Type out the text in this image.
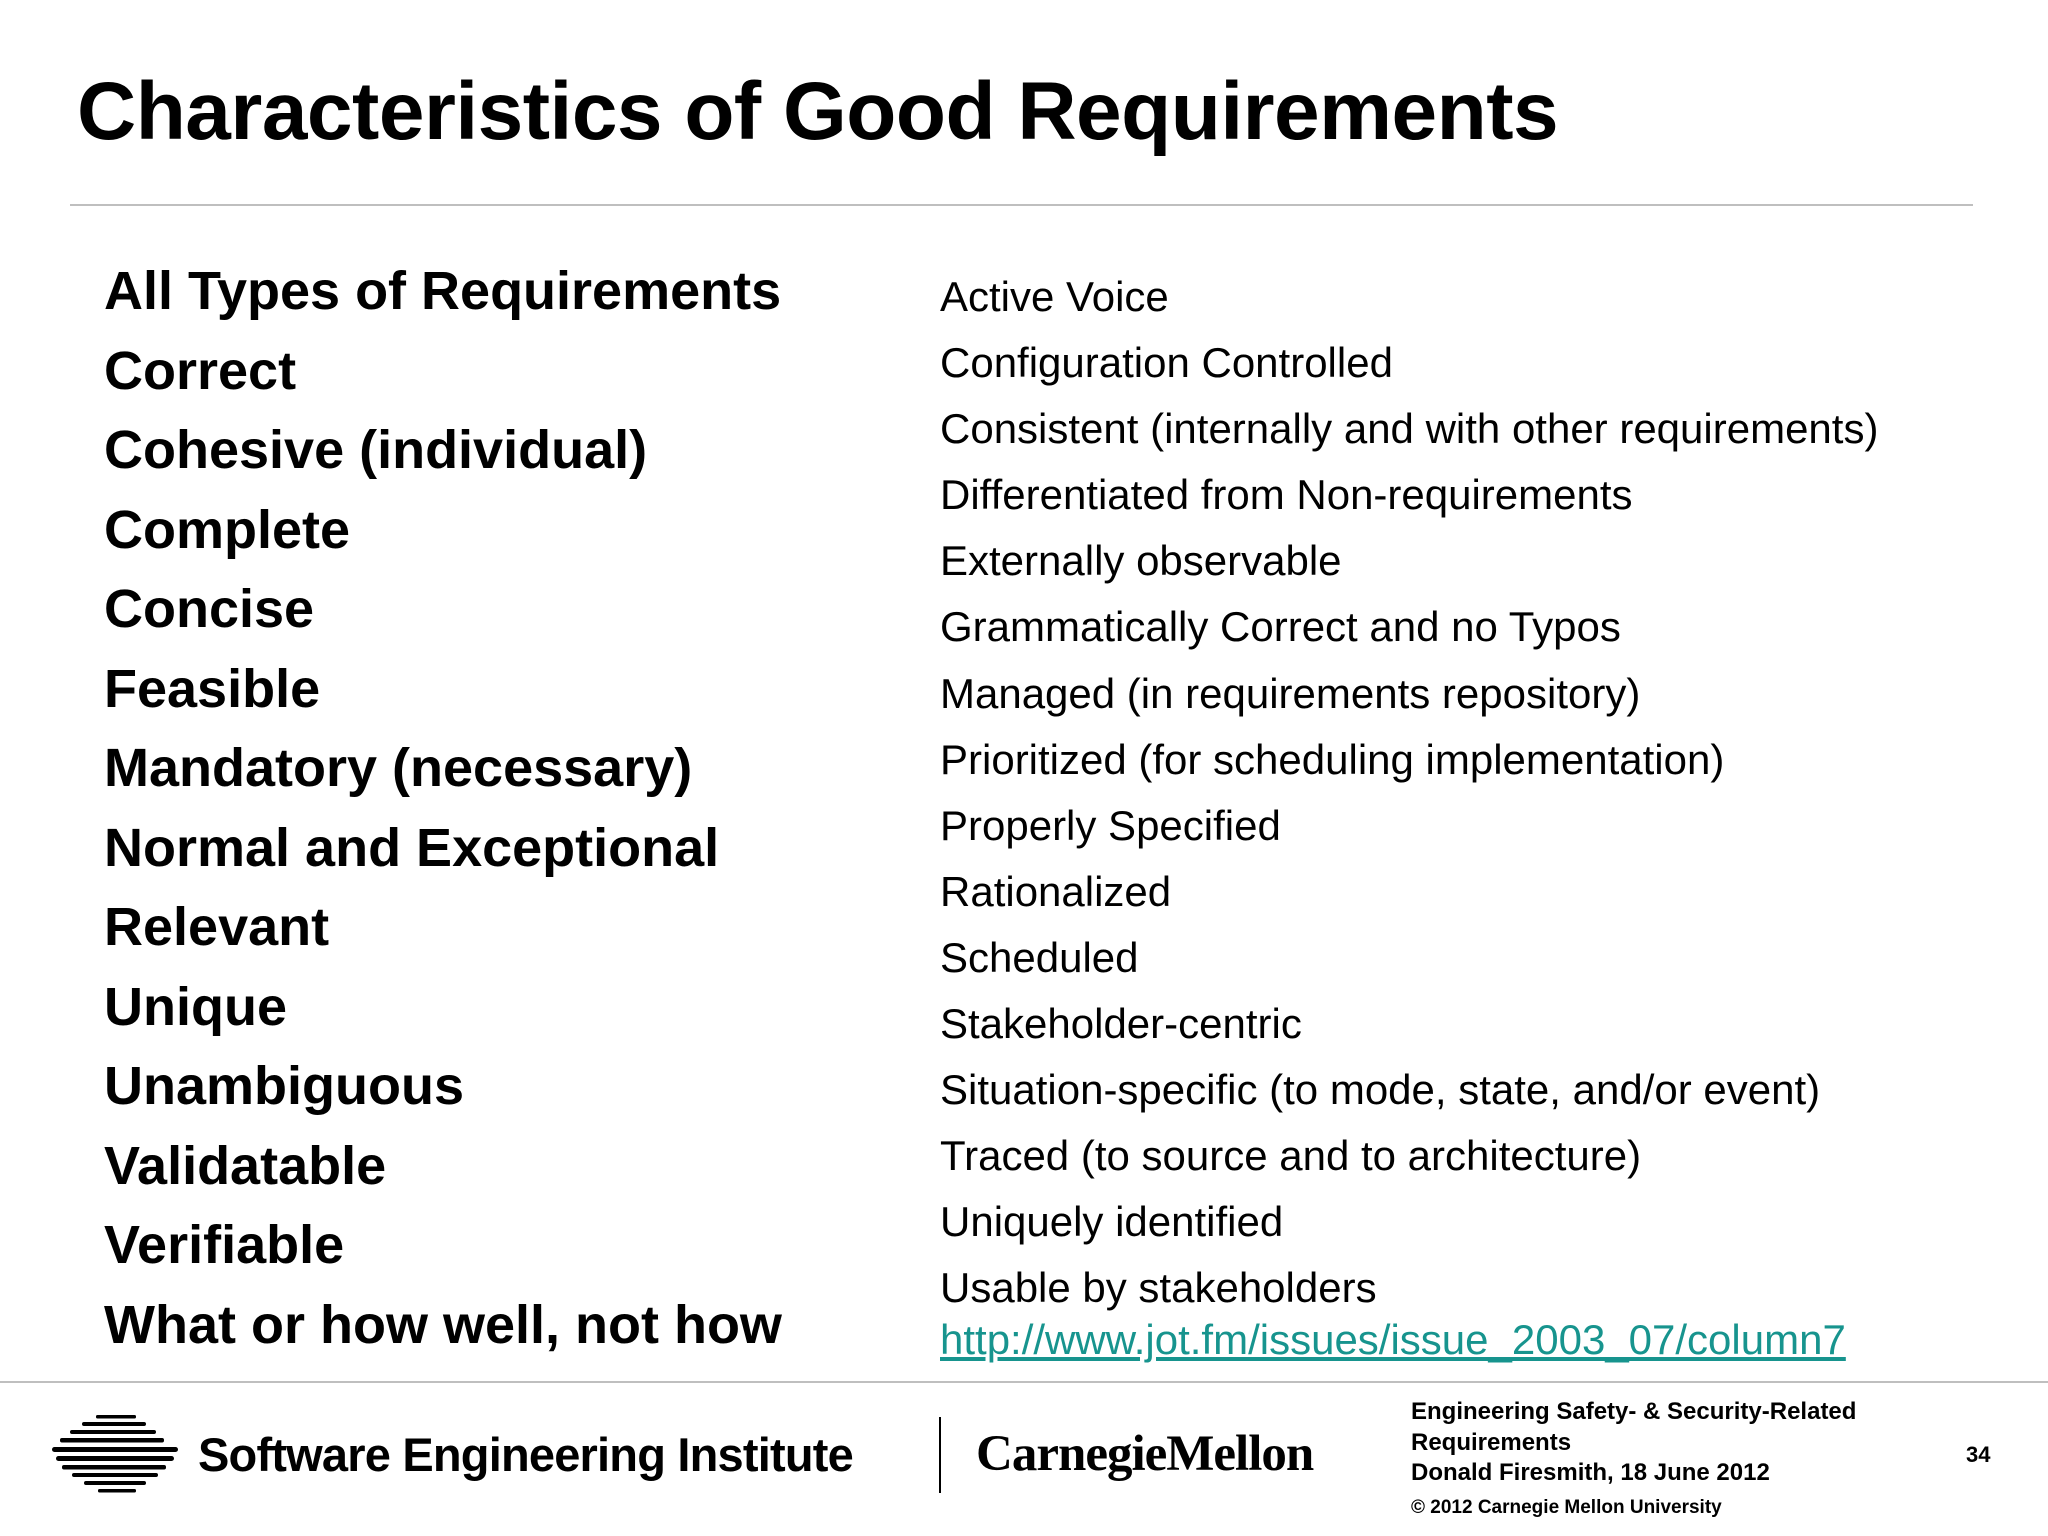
Characteristics of Good Requirements
All Types of Requirements
Correct
Cohesive (individual)
Complete
Concise
Feasible
Mandatory (necessary)
Normal and Exceptional
Relevant
Unique
Unambiguous
Validatable
Verifiable
What or how well, not how
Active Voice
Configuration Controlled
Consistent (internally and with other requirements)
Differentiated from Non-requirements
Externally observable
Grammatically Correct and no Typos
Managed (in requirements repository)
Prioritized (for scheduling implementation)
Properly Specified
Rationalized
Scheduled
Stakeholder-centric
Situation-specific (to mode, state, and/or event)
Traced (to source and to architecture)
Uniquely identified
Usable by stakeholders
http://www.jot.fm/issues/issue_2003_07/column7
Software Engineering Institute CarnegieMellon
Engineering Safety- & Security-Related
Requirements
Donald Firesmith, 18 June 2012
© 2012 Carnegie Mellon University
34
